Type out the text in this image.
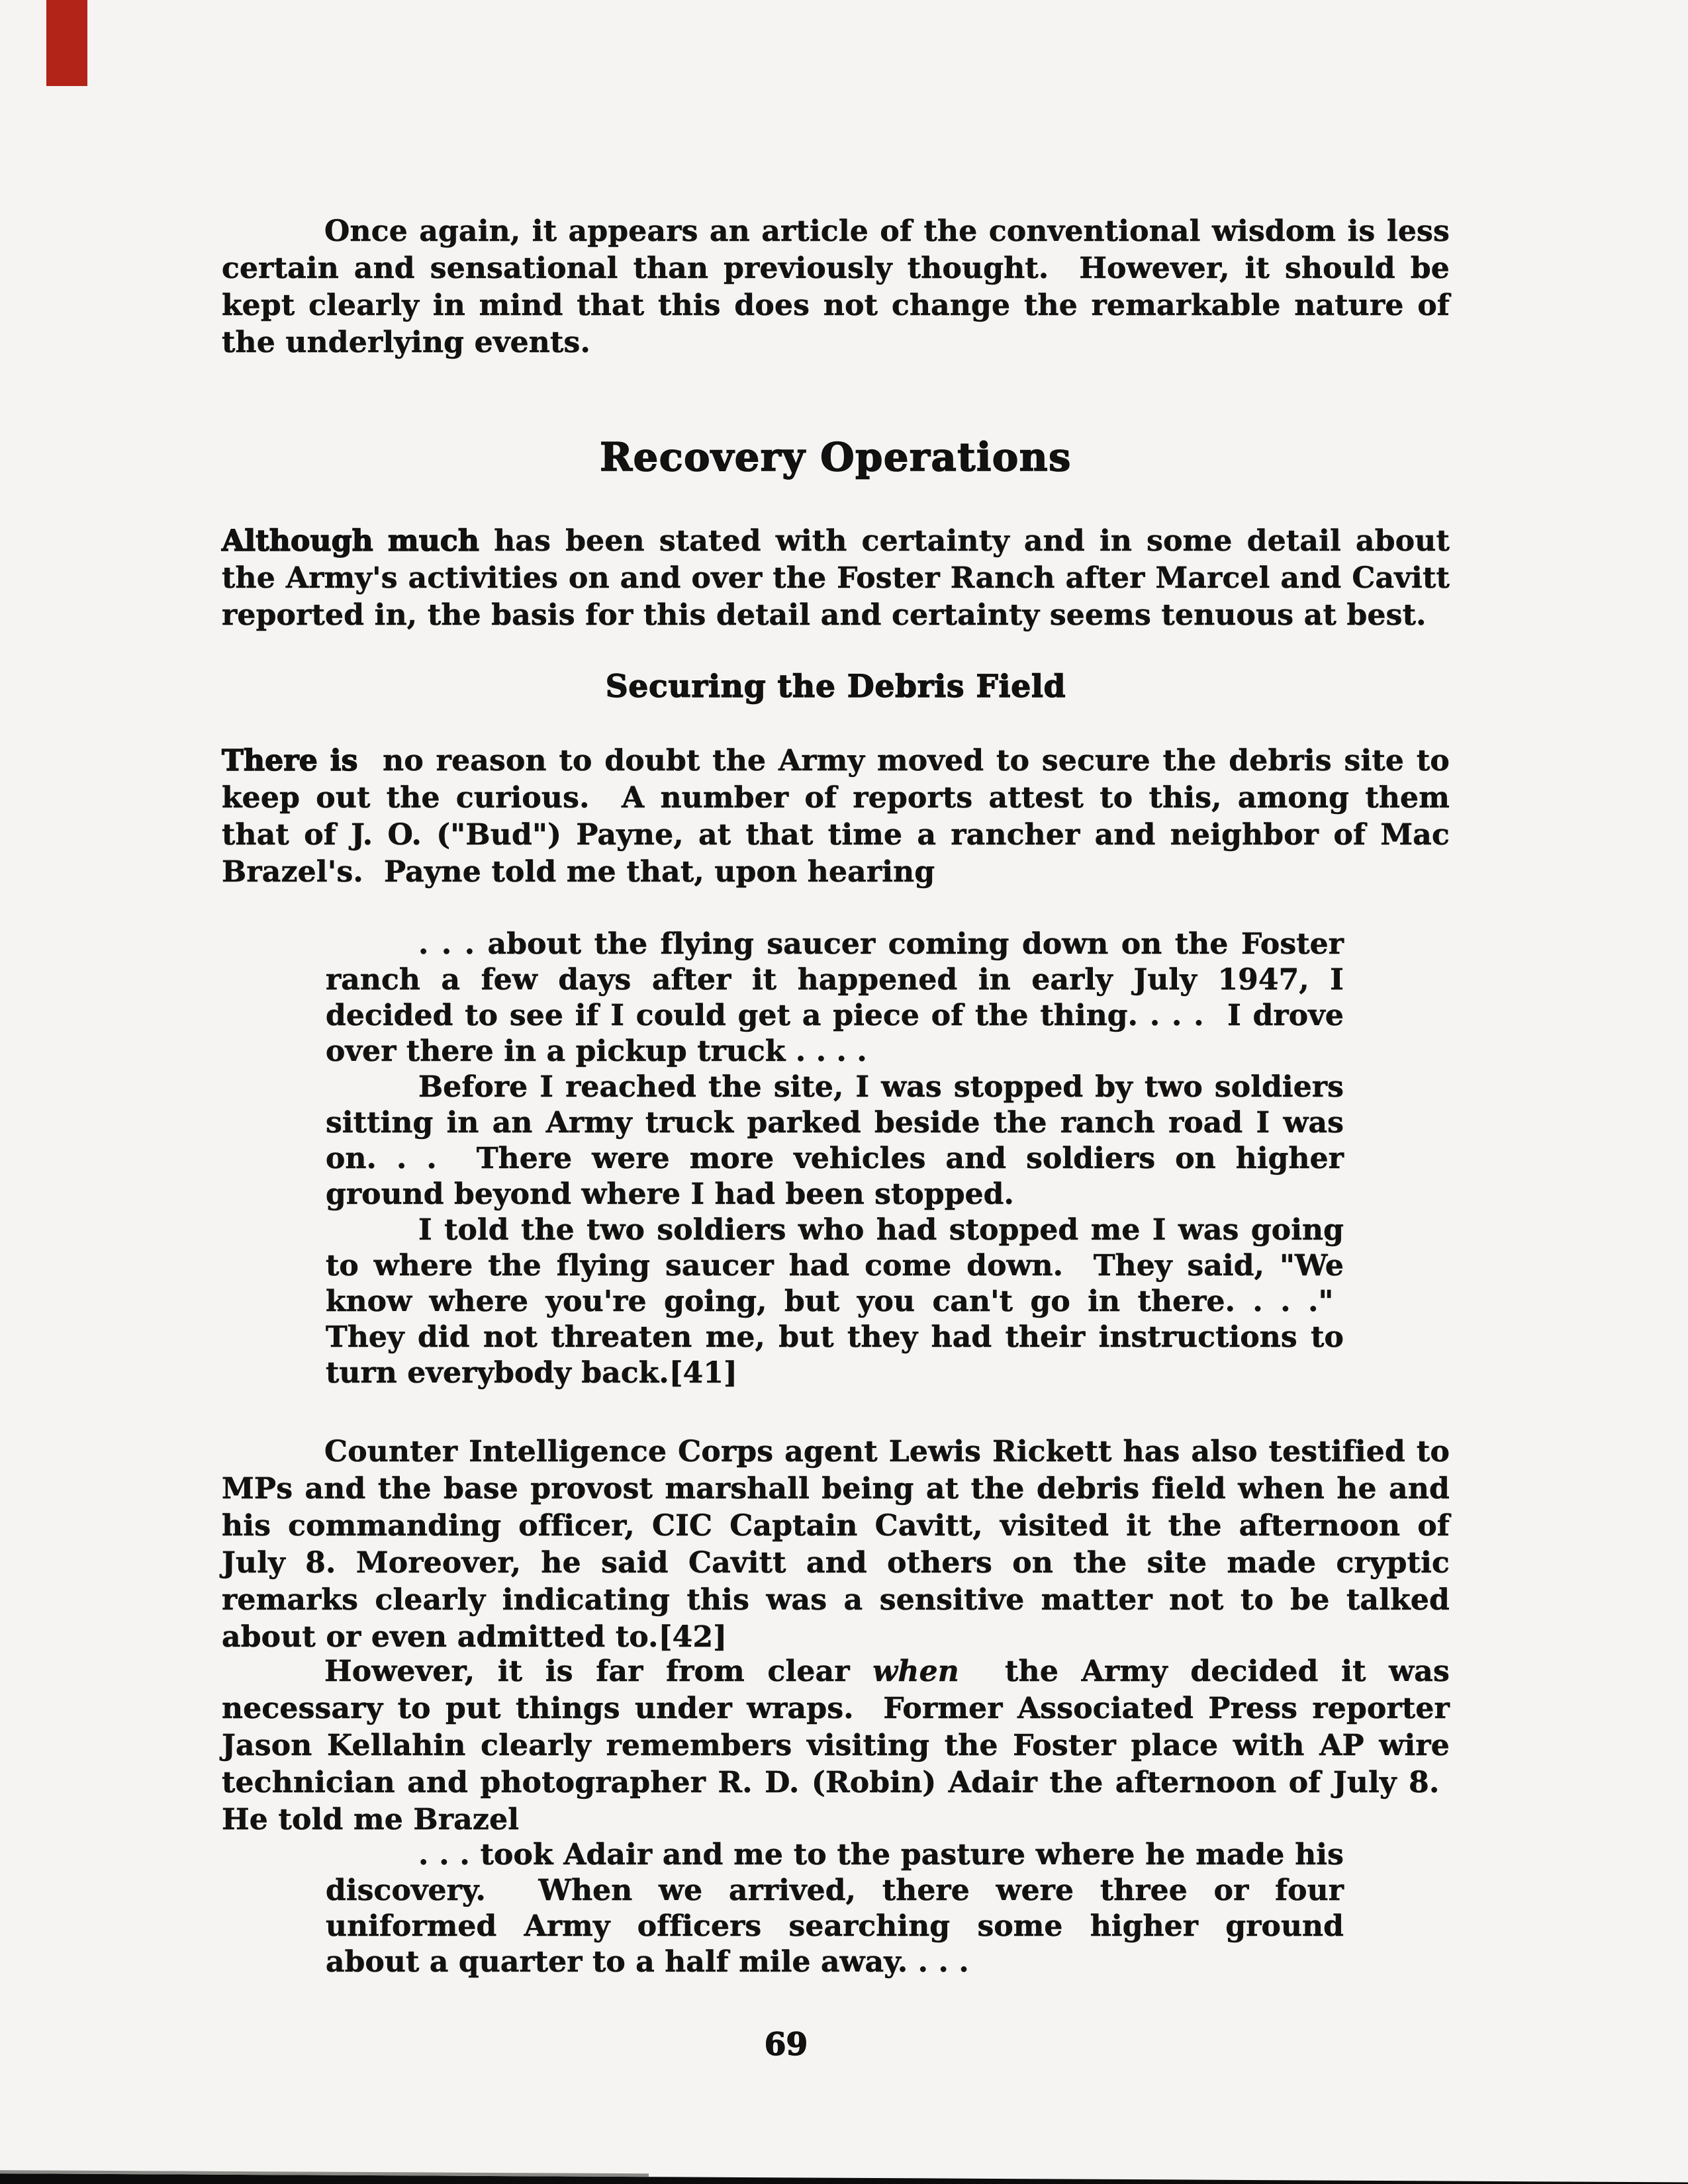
Once again, it appears an article of the conventional wisdom is less certain and sensational than previously thought.  However, it should be kept clearly in mind that this does not change the remarkable nature of the underlying events.

Recovery Operations

Although much has been stated with certainty and in some detail about the Army's activities on and over the Foster Ranch after Marcel and Cavitt reported in, the basis for this detail and certainty seems tenuous at best.

Securing the Debris Field

There is  no reason to doubt the Army moved to secure the debris site to keep out the curious.  A number of reports attest to this, among them that of J. O. ("Bud") Payne, at that time a rancher and neighbor of Mac Brazel's.  Payne told me that, upon hearing

. . . about the flying saucer coming down on the Foster ranch a few days after it happened in early July 1947, I decided to see if I could get a piece of the thing. . . .  I drove over there in a pickup truck . . . .

Before I reached the site, I was stopped by two soldiers sitting in an Army truck parked beside the ranch road I was on. . .  There were more vehicles and soldiers on higher ground beyond where I had been stopped.

I told the two soldiers who had stopped me I was going to where the flying saucer had come down.  They said, "We know where you're going, but you can't go in there. . . ."  They did not threaten me, but they had their instructions to turn everybody back.[41]

Counter Intelligence Corps agent Lewis Rickett has also testified to MPs and the base provost marshall being at the debris field when he and his commanding officer, CIC Captain Cavitt, visited it the afternoon of July 8. Moreover, he said Cavitt and others on the site made cryptic remarks clearly indicating this was a sensitive matter not to be talked about or even admitted to.[42]

However, it is far from clear when  the Army decided it was necessary to put things under wraps.  Former Associated Press reporter Jason Kellahin clearly remembers visiting the Foster place with AP wire technician and photographer R. D. (Robin) Adair the afternoon of July 8.  He told me Brazel

. . . took Adair and me to the pasture where he made his discovery.  When we arrived, there were three or four uniformed Army officers searching some higher ground about a quarter to a half mile away. . . .

69
